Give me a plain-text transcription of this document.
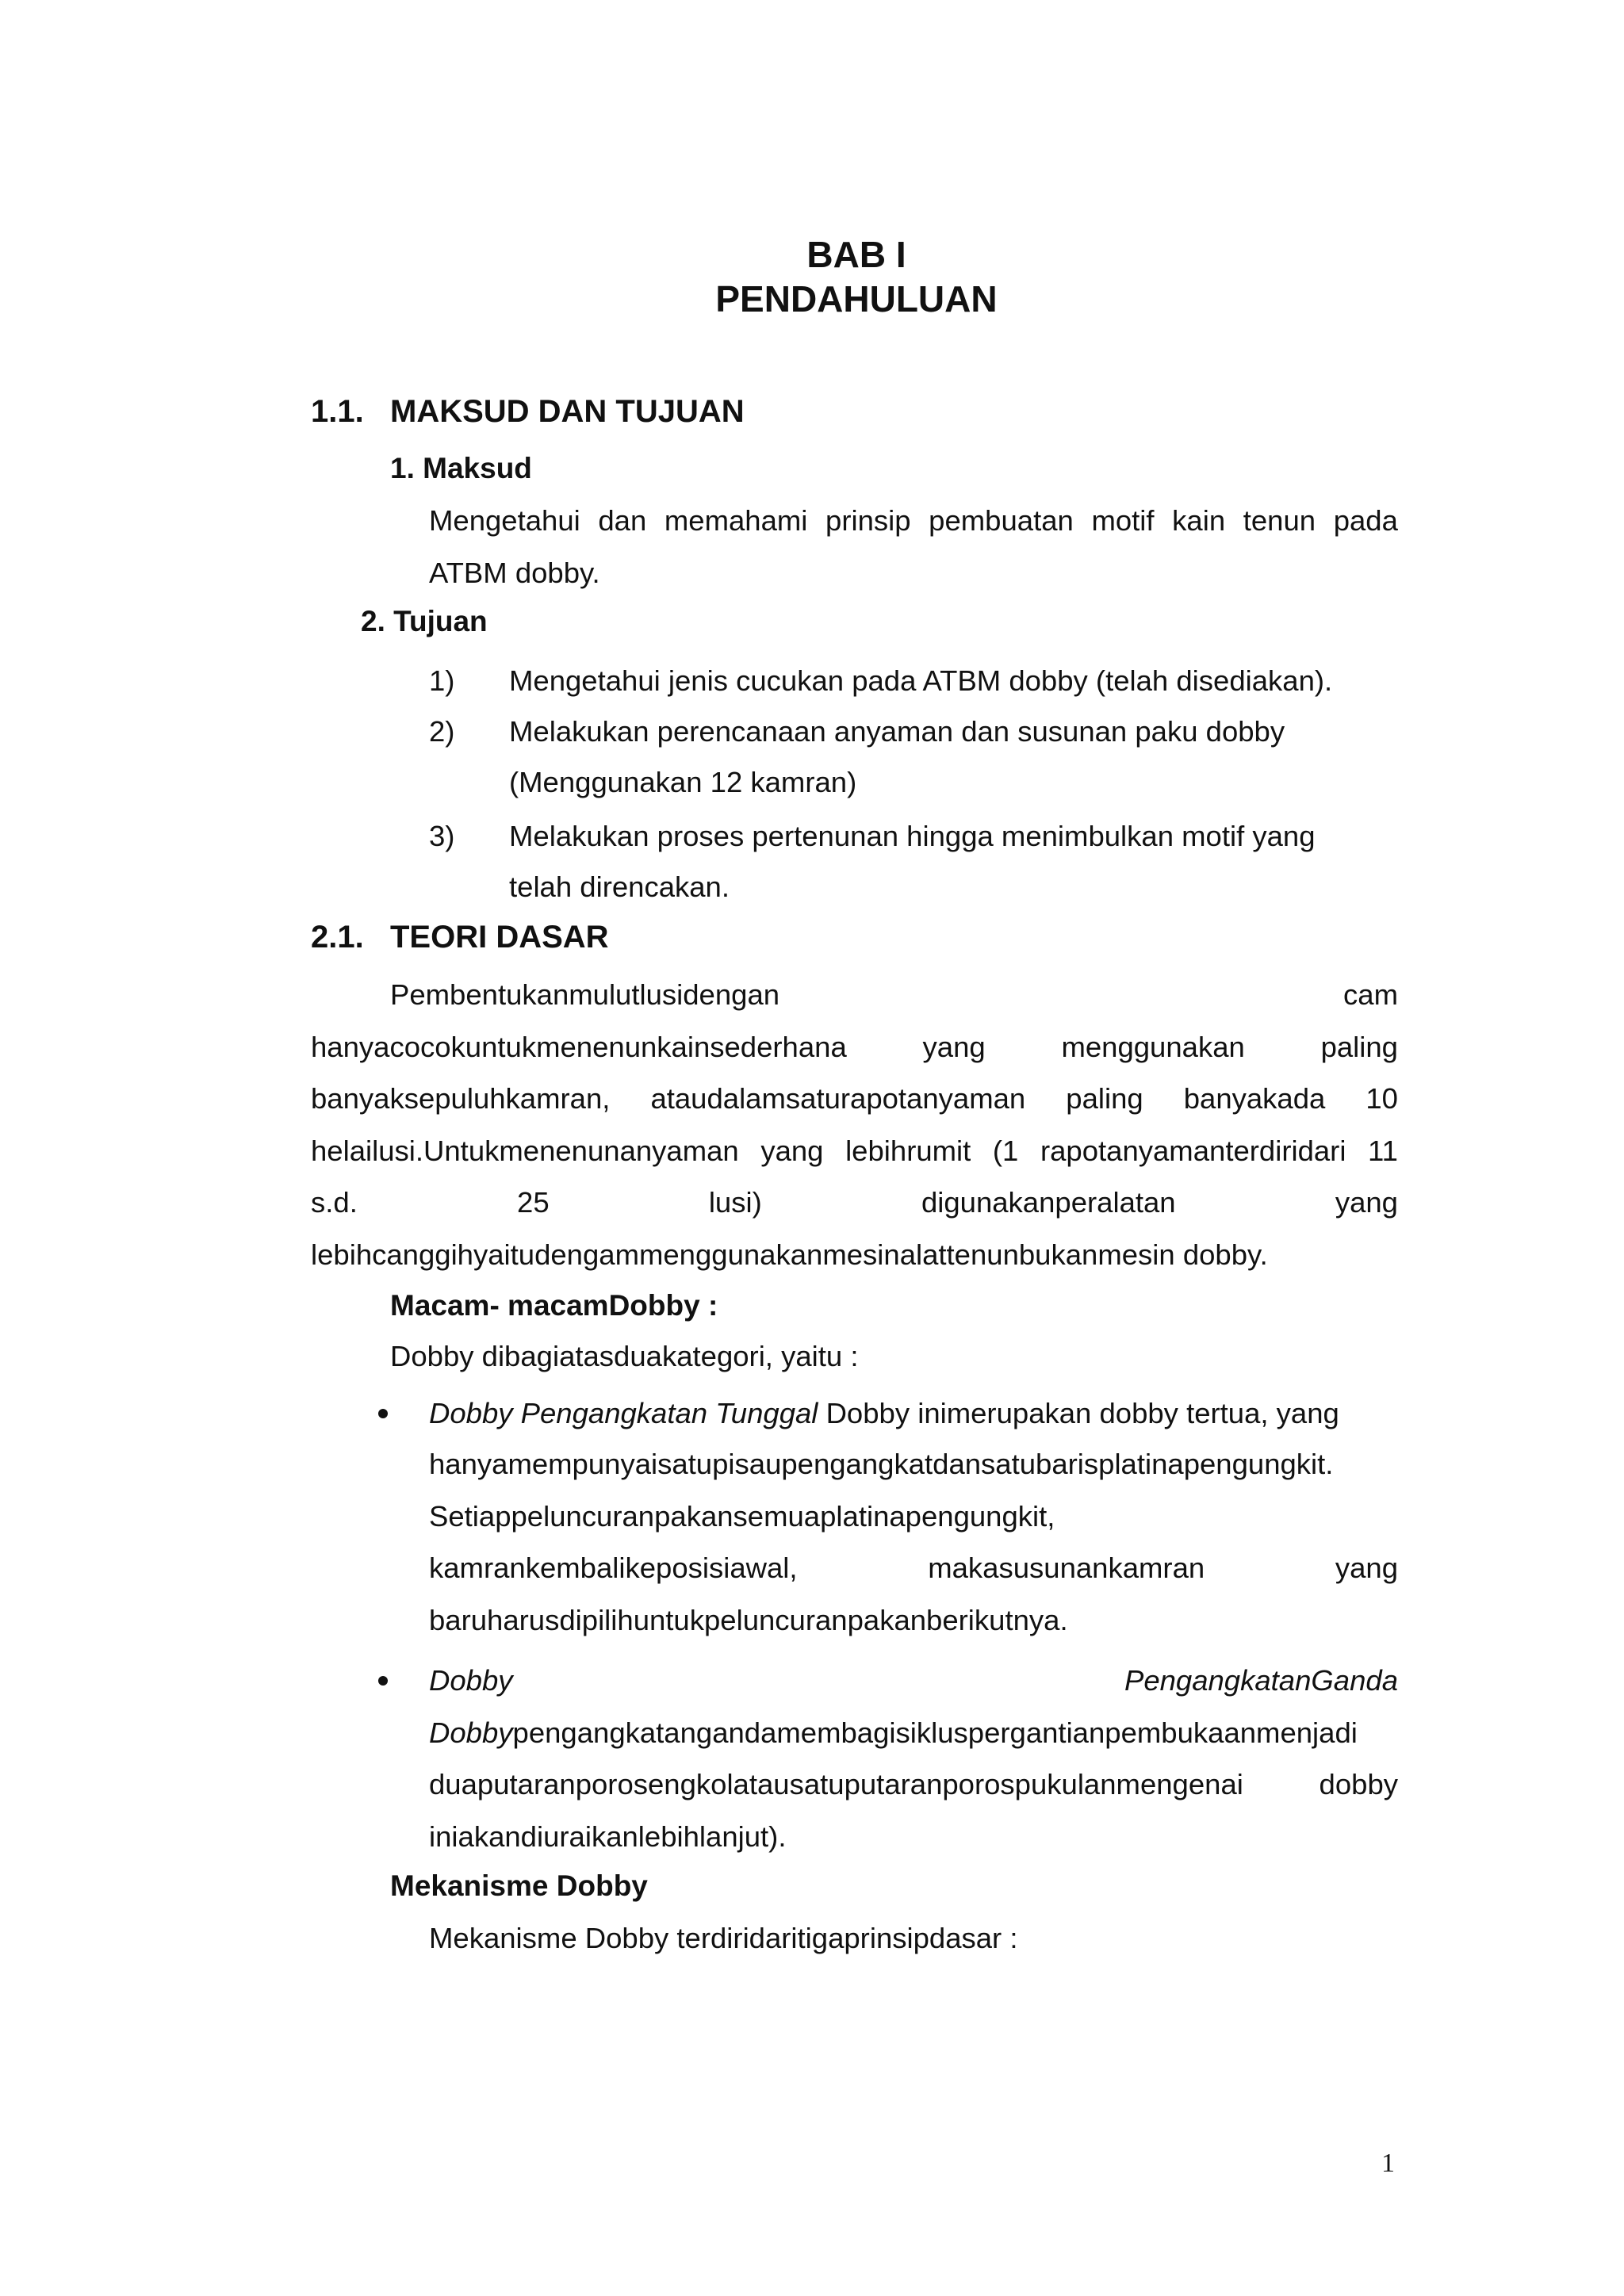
BAB I
PENDAHULUAN
1.1. MAKSUD DAN TUJUAN
1. Maksud
Mengetahui dan memahami prinsip pembuatan motif kain tenun pada
ATBM dobby.
2. Tujuan
1) Mengetahui jenis cucukan pada ATBM dobby (telah disediakan).
2) Melakukan perencanaan anyaman dan susunan paku dobby
(Menggunakan 12 kamran)
3) Melakukan proses pertenunan hingga menimbulkan motif yang
telah direncakan.
2.1. TEORI DASAR
Pembentukanmulutlusidengan	cam
hanyacocokuntukmenenunkainsederhana	yang	menggunakan	paling
banyaksepuluhkamran, ataudalamsaturapotanyaman paling banyakada 10
helailusi.Untukmenenunanyaman yang lebihrumit (1 rapotanyamanterdiridari 11
s.d.	25	lusi)	digunakanperalatan	yang
lebihcanggihyaitudengammenggunakanmesinalattenunbukanmesin dobby.
Macam- macamDobby :
Dobby dibagiatasduakategori, yaitu :
Dobby Pengangkatan Tunggal Dobby inimerupakan dobby tertua, yang
hanyamempunyaisatupisaupengangkatdansatubarisplatinapengungkit.
Setiappeluncuranpakansemuaplatinapengungkit,
kamrankembalikeposisiawal,	makasusunankamran	yang
baruharusdipilihuntukpeluncuranpakanberikutnya.
Dobby	PengangkatanGanda
Dobbypengangkatangandamembagisikluspergantianpembukaanmenjadi
duaputaranporosengkolatausatuputaranporospukulanmengenai	dobby
iniakandiuraikanlebihlanjut).
Mekanisme Dobby
Mekanisme Dobby terdiridaritigaprinsipdasar :
1
